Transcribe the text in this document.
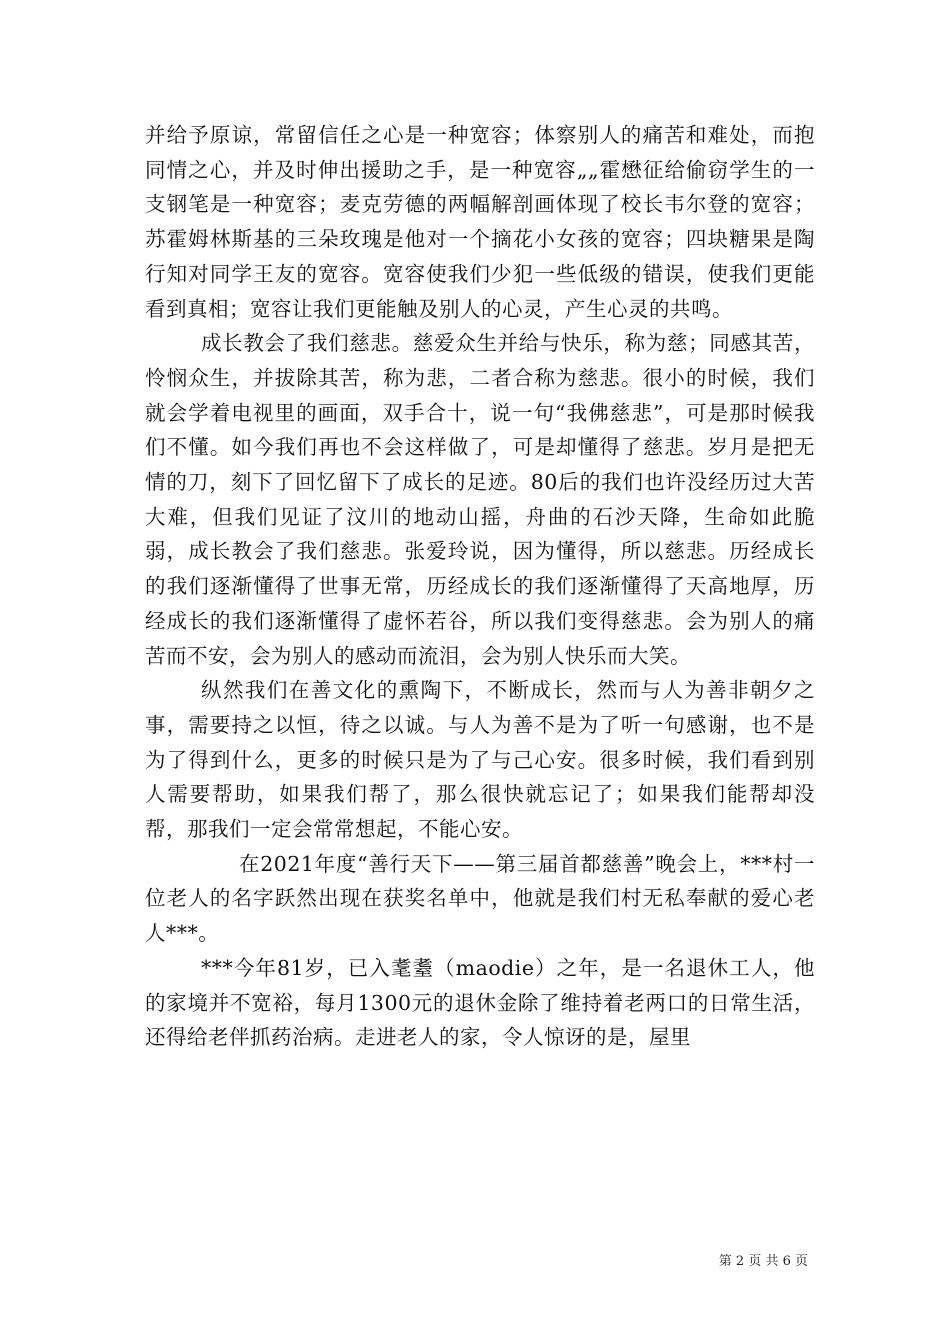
并给予原谅，常留信任之心是一种宽容；体察别人的痛苦和难处，而抱同情之心，并及时伸出援助之手，是一种宽容„„霍懋征给偷窃学生的一支钢笔是一种宽容；麦克劳德的两幅解剖画体现了校长韦尔登的宽容；苏霍姆林斯基的三朵玫瑰是他对一个摘花小女孩的宽容；四块糖果是陶行知对同学王友的宽容。宽容使我们少犯一些低级的错误，使我们更能看到真相；宽容让我们更能触及别人的心灵，产生心灵的共鸣。

成长教会了我们慈悲。慈爱众生并给与快乐，称为慈；同感其苦，怜悯众生，并拔除其苦，称为悲，二者合称为慈悲。很小的时候，我们就会学着电视里的画面，双手合十，说一句“我佛慈悲”，可是那时候我们不懂。如今我们再也不会这样做了，可是却懂得了慈悲。岁月是把无情的刀，刻下了回忆留下了成长的足迹。80后的我们也许没经历过大苦大难，但我们见证了汶川的地动山摇，舟曲的石沙天降，生命如此脆弱，成长教会了我们慈悲。张爱玲说，因为懂得，所以慈悲。历经成长的我们逐渐懂得了世事无常，历经成长的我们逐渐懂得了天高地厚，历经成长的我们逐渐懂得了虚怀若谷，所以我们变得慈悲。会为别人的痛苦而不安，会为别人的感动而流泪，会为别人快乐而大笑。

纵然我们在善文化的熏陶下，不断成长，然而与人为善非朝夕之事，需要持之以恒，待之以诚。与人为善不是为了听一句感谢，也不是为了得到什么，更多的时候只是为了与己心安。很多时候，我们看到别人需要帮助，如果我们帮了，那么很快就忘记了；如果我们能帮却没帮，那我们一定会常常想起，不能心安。

在2021年度“善行天下——第三届首都慈善”晚会上，***村一位老人的名字跃然出现在获奖名单中，他就是我们村无私奉献的爱心老人***。

***今年81岁，已入耄耋（maodie）之年，是一名退休工人，他的家境并不宽裕，每月1300元的退休金除了维持着老两口的日常生活，还得给老伴抓药治病。走进老人的家，令人惊讶的是，屋里

第 2 页 共 6 页
